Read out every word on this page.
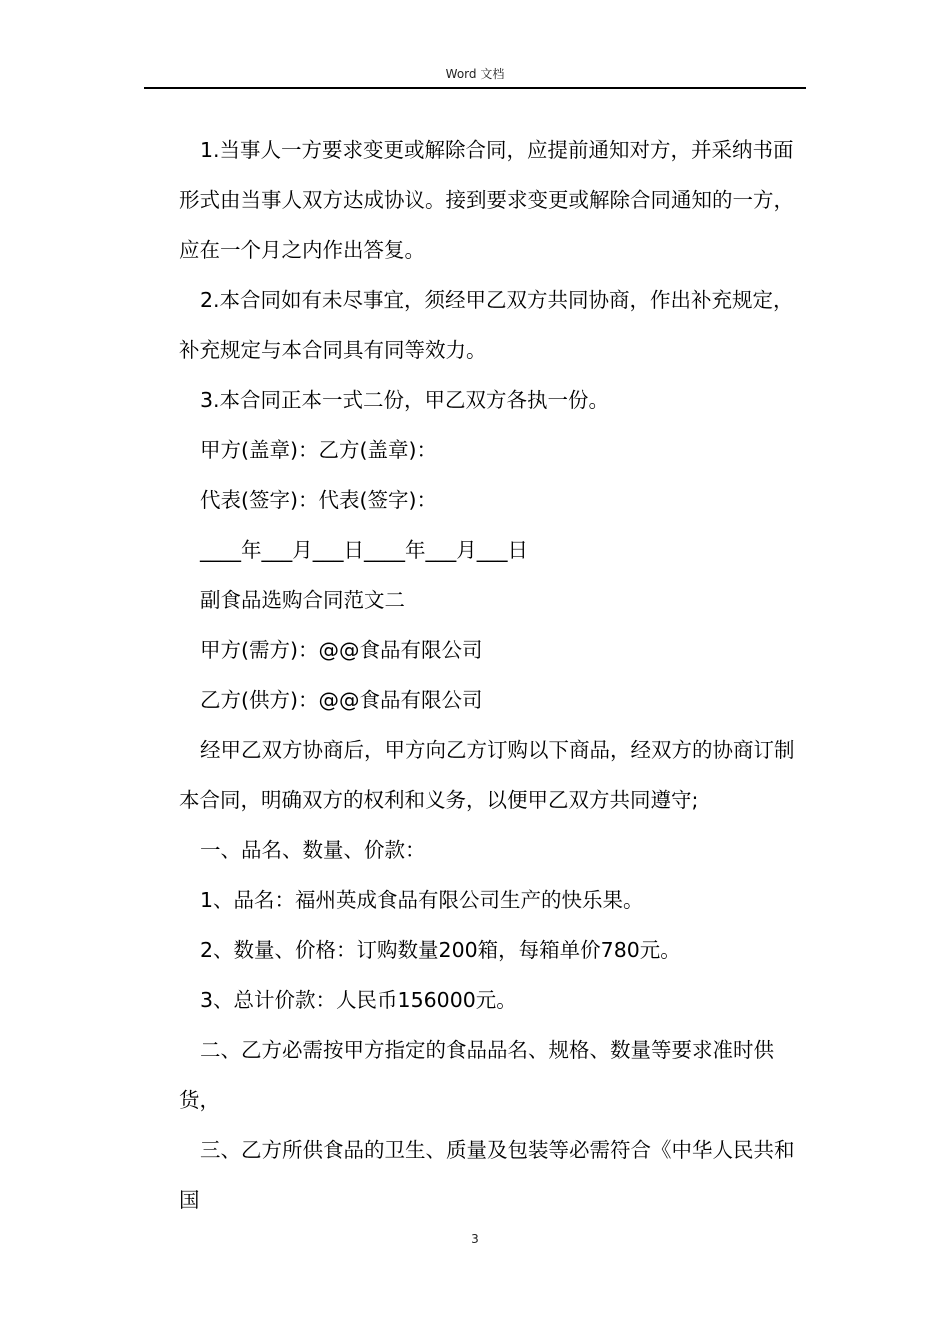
Word 文档

1.当事人一方要求变更或解除合同，应提前通知对方，并采纳书面形式由当事人双方达成协议。接到要求变更或解除合同通知的一方，应在一个月之内作出答复。

2.本合同如有未尽事宜，须经甲乙双方共同协商，作出补充规定，补充规定与本合同具有同等效力。

3.本合同正本一式二份，甲乙双方各执一份。

甲方(盖章)：乙方(盖章)：

代表(签字)：代表(签字)：

____年___月___日____年___月___日

副食品选购合同范文二

甲方(需方)：@@食品有限公司

乙方(供方)：@@食品有限公司

经甲乙双方协商后，甲方向乙方订购以下商品，经双方的协商订制本合同，明确双方的权利和义务，以便甲乙双方共同遵守;

一、品名、数量、价款：

1、品名：福州英成食品有限公司生产的快乐果。

2、数量、价格：订购数量200箱，每箱单价780元。

3、总计价款：人民币156000元。

二、乙方必需按甲方指定的食品品名、规格、数量等要求准时供货，

三、乙方所供食品的卫生、质量及包装等必需符合《中华人民共和国

3
